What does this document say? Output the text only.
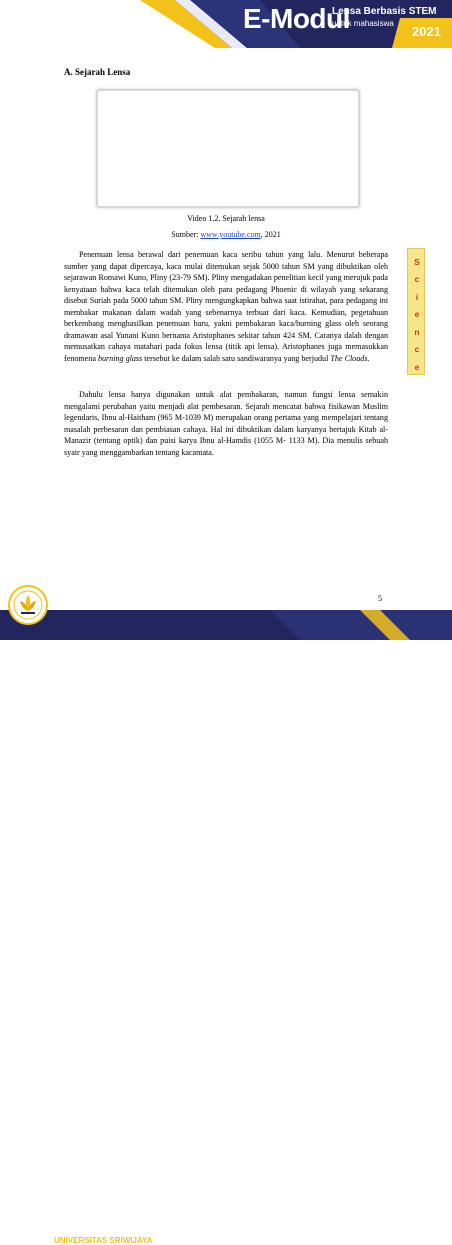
E-Modul
Lensa Berbasis STEM
untuk mahasiswa
2021
A. Sejarah Lensa
Video 1.2. Sejarah lensa
Sumber: www.youtube.com, 2021

Penemuan lensa berawal dari penemuan kaca seribu tahun yang lalu. Menurut beberapa sumber yang dapat dipercaya, kaca mulai ditemukan sejak 5000 tahun SM yang dibuktikan oleh sejarawan Romawi Kuno, Pliny (23-79 SM). Pliny mengadakan penelitian kecil yang merujuk pada kenyataan bahwa kaca telah ditemukan oleh para pedagang Phoenic di wilayah yang sekarang disebut Suriah pada 5000 tahun SM. Pliny mengungkapkan bahwa saat istirahat, para pedagang ini membakar makanan dalam wadah yang sebenarnya terbuat dari kaca. Kemudian, pegetahuan berkembang menghasilkan penemuan baru, yakni pembakaran kaca/burning glass oleh seorang dramawan asal Yunani Kuno bernama Aristophanes sekitar tahun 424 SM. Caranya dalah dengan memusatkan cahaya matahari pada fokus lensa (titik api lensa). Aristophanes juga memasukkan fenomena burning glass tersebut ke dalam salah satu sandiwaranya yang berjudul The Clouds.

Dahulu lensa hanya digunakan untuk alat pembakaran, namun fungsi lensa semakin mengalami perubahan yaitu menjadi alat pembesaran. Sejarah mencatat bahwa fisikawan Muslim legendaris, Ibnu al-Haitham (965 M-1039 M) merupakan orang pertama yang mempelajari tentang masalah perbesaran dan pembiasan cahaya. Hal ini dibuktikan dalam karyanya bertajuk Kitab al-Manazir (tentang optik) dan puisi karya Ibnu al-Hamdis (1055 M- 1133 M). Dia menulis sebuah syair yang menggambarkan tentang kacamata.

S
c
i
e
n
c
e
5
FAKULTAS KEGURUAN DAN ILMU PENDIDIKAN
UNIVERSITAS SRIWIJAYA
